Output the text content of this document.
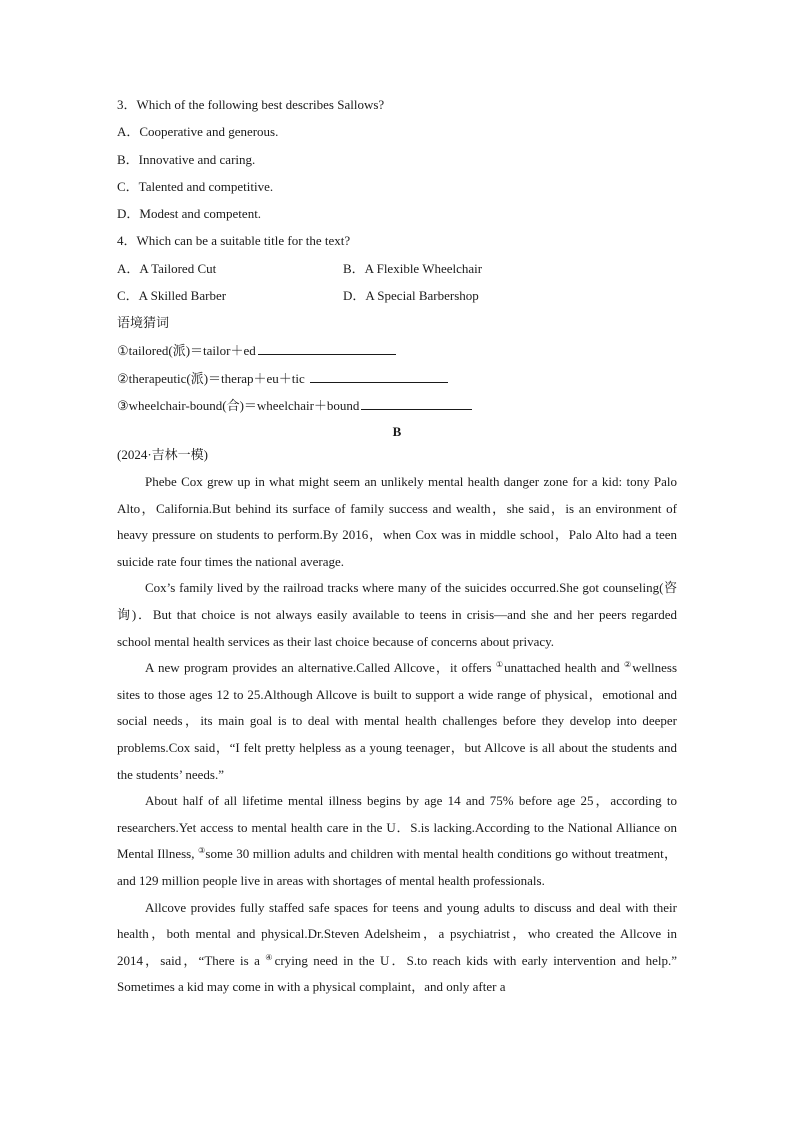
3．Which of the following best describes Sallows?
A．Cooperative and generous.
B．Innovative and caring.
C．Talented and competitive.
D．Modest and competent.
4．Which can be a suitable title for the text?
A．A Tailored Cut	B．A Flexible Wheelchair
C．A Skilled Barber	D．A Special Barbershop
语境猜词
①tailored(派)＝tailor＋ed
②therapeutic(派)＝therap＋eu＋tic
③wheelchair-bound(合)＝wheelchair＋bound
B
(2024·吉林一模)

Phebe Cox grew up in what might seem an unlikely mental health danger zone for a kid: tony Palo Alto，California.But behind its surface of family success and wealth，she said，is an environment of heavy pressure on students to perform.By 2016，when Cox was in middle school，Palo Alto had a teen suicide rate four times the national average.

Cox’s family lived by the railroad tracks where many of the suicides occurred.She got counseling(咨询)．But that choice is not always easily available to teens in crisis—and she and her peers regarded school mental health services as their last choice because of concerns about privacy.

A new program provides an alternative.Called Allcove，it offers ①unattached health and ②wellness sites to those ages 12 to 25.Although Allcove is built to support a wide range of physical，emotional and social needs，its main goal is to deal with mental health challenges before they develop into deeper problems.Cox said，“I felt pretty helpless as a young teenager，but Allcove is all about the students and the students’ needs.”

About half of all lifetime mental illness begins by age 14 and 75% before age 25，according to researchers.Yet access to mental health care in the U．S.is lacking.According to the National Alliance on Mental Illness, ③some 30 million adults and children with mental health conditions go without treatment，and 129 million people live in areas with shortages of mental health professionals.

Allcove provides fully staffed safe spaces for teens and young adults to discuss and deal with their health，both mental and physical.Dr.Steven Adelsheim，a psychiatrist，who created the Allcove in 2014，said，“There is a ④crying need in the U．S.to reach kids with early intervention and help.” Sometimes a kid may come in with a physical complaint，and only after a
